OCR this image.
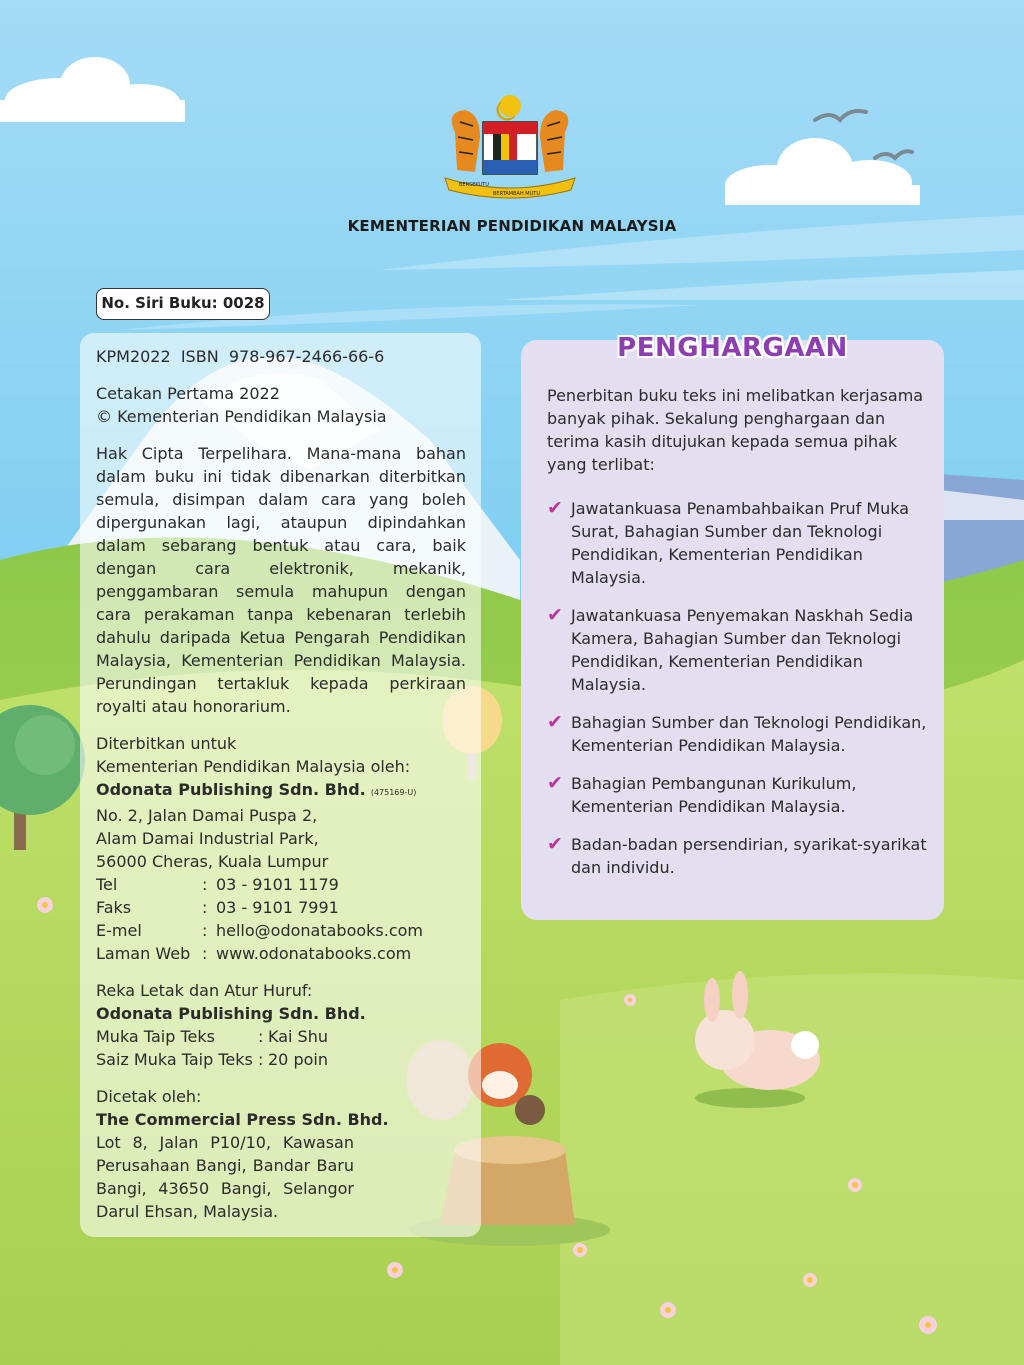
BERSEKUTU
BERTAMBAH MUTU
KEMENTERIAN PENDIDIKAN MALAYSIA
No. Siri Buku: 0028

KPM2022  ISBN  978-967-2466-66-6

Cetakan Pertama 2022

© Kementerian Pendidikan Malaysia

Hak Cipta Terpelihara. Mana-mana bahan dalam buku ini tidak dibenarkan diterbitkan semula, disimpan dalam cara yang boleh dipergunakan lagi, ataupun dipindahkan dalam sebarang bentuk atau cara, baik dengan cara elektronik, mekanik, penggambaran semula mahupun dengan cara perakaman tanpa kebenaran terlebih dahulu daripada Ketua Pengarah Pendidikan Malaysia, Kementerian Pendidikan Malaysia. Perundingan tertakluk kepada perkiraan royalti atau honorarium.

Diterbitkan untuk

Kementerian Pendidikan Malaysia oleh:

Odonata Publishing Sdn. Bhd. (475169-U)

No. 2, Jalan Damai Puspa 2,

Alam Damai Industrial Park,

56000 Cheras, Kuala Lumpur

Tel	: 03 - 9101 1179
Faks	: 03 - 9101 7991
E-mel	: hello@odonatabooks.com
Laman Web : www.odonatabooks.com

Reka Letak dan Atur Huruf:

Odonata Publishing Sdn. Bhd.

Muka Taip Teks	: Kai Shu
Saiz Muka Taip Teks : 20 poin

Dicetak oleh:

The Commercial Press Sdn. Bhd.

Lot 8, Jalan P10/10, Kawasan Perusahaan Bangi, Bandar Baru Bangi, 43650 Bangi, Selangor Darul Ehsan, Malaysia.

PENGHARGAAN

Penerbitan buku teks ini melibatkan kerjasama banyak pihak. Sekalung penghargaan dan terima kasih ditujukan kepada semua pihak yang terlibat:

✔ Jawatankuasa Penambahbaikan Pruf Muka Surat, Bahagian Sumber dan Teknologi Pendidikan, Kementerian Pendidikan Malaysia.
✔ Jawatankuasa Penyemakan Naskhah Sedia Kamera, Bahagian Sumber dan Teknologi Pendidikan, Kementerian Pendidikan Malaysia.
✔ Bahagian Sumber dan Teknologi Pendidikan, Kementerian Pendidikan Malaysia.
✔ Bahagian Pembangunan Kurikulum, Kementerian Pendidikan Malaysia.
✔ Badan-badan persendirian, syarikat-syarikat dan individu.
